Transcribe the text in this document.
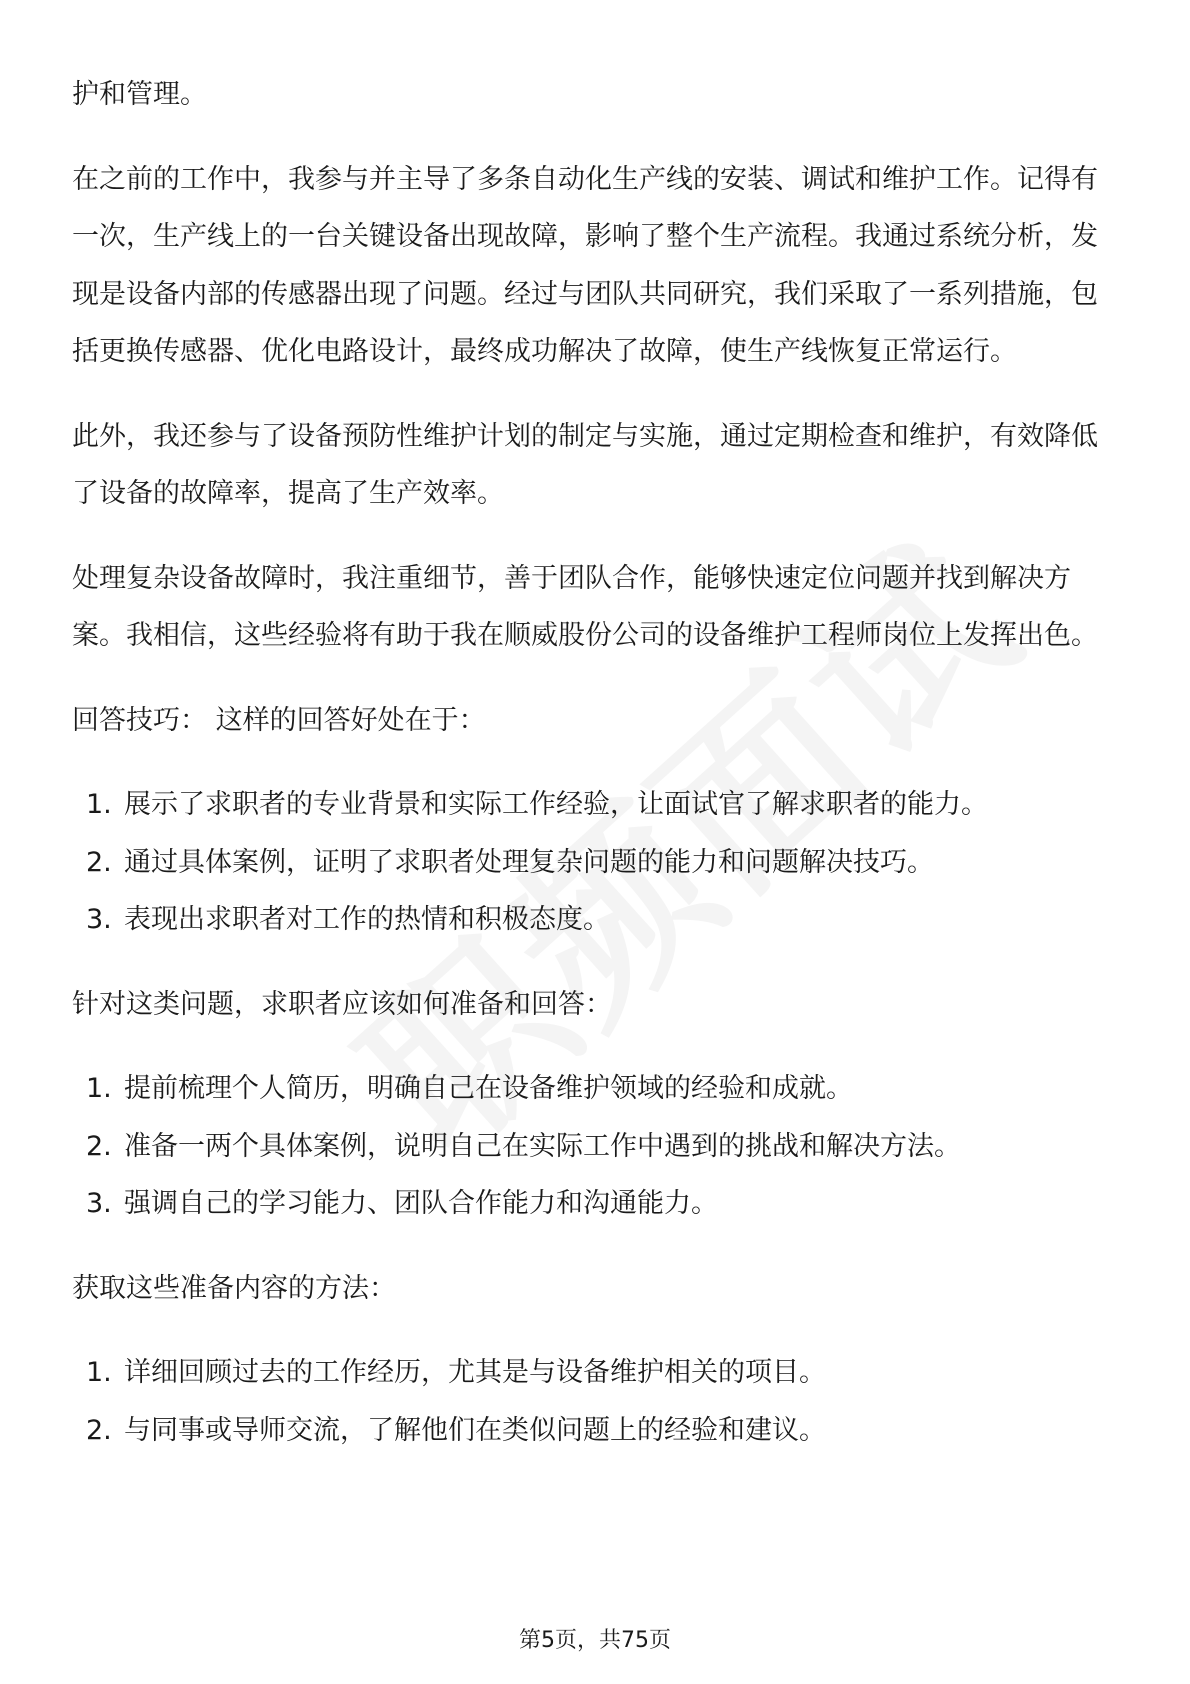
护和管理。

在之前的工作中，我参与并主导了多条自动化生产线的安装、调试和维护工作。记得有一次，生产线上的一台关键设备出现故障，影响了整个生产流程。我通过系统分析，发现是设备内部的传感器出现了问题。经过与团队共同研究，我们采取了一系列措施，包括更换传感器、优化电路设计，最终成功解决了故障，使生产线恢复正常运行。

此外，我还参与了设备预防性维护计划的制定与实施，通过定期检查和维护，有效降低了设备的故障率，提高了生产效率。

处理复杂设备故障时，我注重细节，善于团队合作，能够快速定位问题并找到解决方案。我相信，这些经验将有助于我在顺威股份公司的设备维护工程师岗位上发挥出色。

回答技巧： 这样的回答好处在于：

1. 展示了求职者的专业背景和实际工作经验，让面试官了解求职者的能力。
2. 通过具体案例，证明了求职者处理复杂问题的能力和问题解决技巧。
3. 表现出求职者对工作的热情和积极态度。

针对这类问题，求职者应该如何准备和回答：

1. 提前梳理个人简历，明确自己在设备维护领域的经验和成就。
2. 准备一两个具体案例，说明自己在实际工作中遇到的挑战和解决方法。
3. 强调自己的学习能力、团队合作能力和沟通能力。

获取这些准备内容的方法：

1. 详细回顾过去的工作经历，尤其是与设备维护相关的项目。
2. 与同事或导师交流，了解他们在类似问题上的经验和建议。
第5页，共75页
